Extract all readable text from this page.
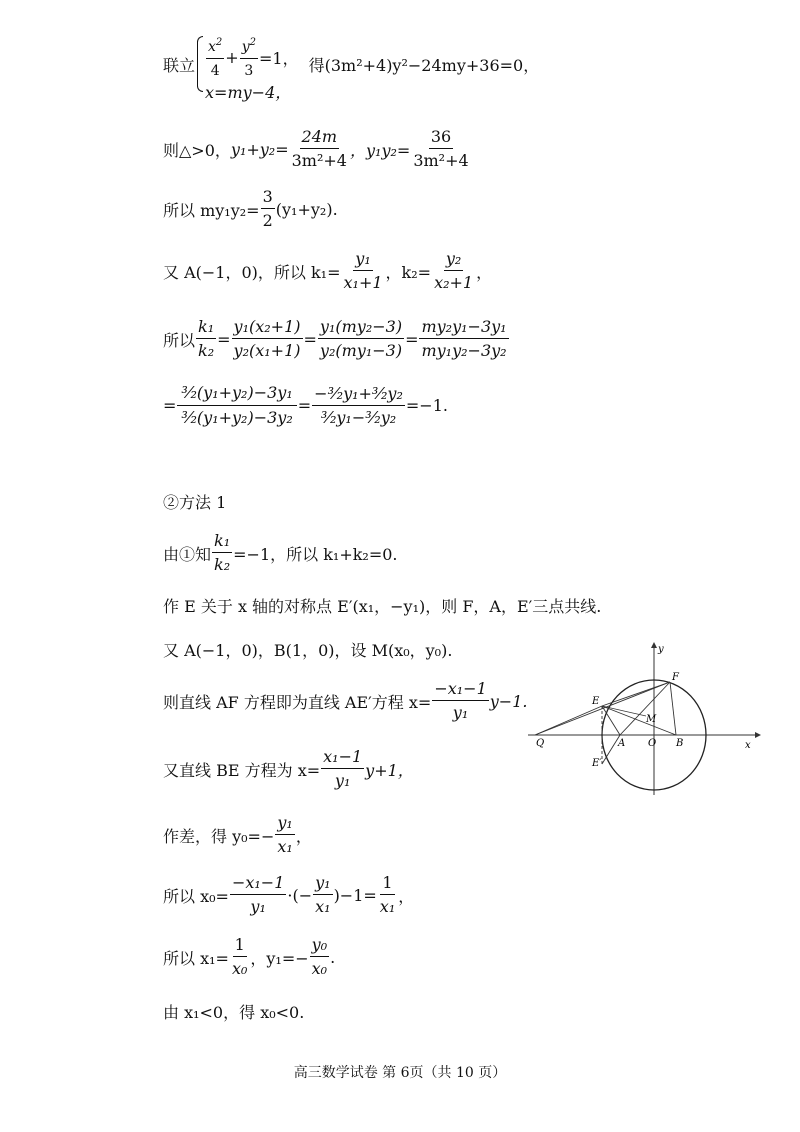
联立 $\frac{x^2}{4} + \frac{y^2}{3} =1$，
x=my−4，
得(3m²+4)y²−24my+36=0，
则△>0， $y_1+y_2= \frac{24m}{\text{3m²+4}}$ ，$y_1y_2= \frac{36}{\text{3m²+4}}$
所以 $my_1y_2= \frac{3}{2} (y_1+y_2)$.
又 A(−1，0)，所以 $k_1= \frac{\text{y₁}}{\text{x₁+1}}$ ，$k_2= \frac{\text{y₂}}{\text{x₂+1}}$ ，
所以 $\frac{\text{k₁}}{\text{k₂}} = \frac{\text{y₁(x₂+1)}}{\text{y₂(x₁+1)}} = \frac{\text{y₁(my₂−3)}}{\text{y₂(my₁−3)}} = \frac{\text{my₂y₁−3y₁}}{\text{my₁y₂−3y₂}}$
= $\frac{\text{³⁄₂(y₁+y₂)−3y₁}}{\text{³⁄₂(y₁+y₂)−3y₂}} = \frac{\text{−³⁄₂y₁+³⁄₂y₂}}{\text{³⁄₂y₁−³⁄₂y₂}} =-1$.
②方法 1
由①知 $\frac{\text{k₁}}{\text{k₂}} =-1$，所以 k₁+k₂=0.
作 E 关于 x 轴的对称点 E′(x₁，−y₁)，则 F，A，E′三点共线.
又 A(−1，0)，B(1，0)，设 M(x₀，y₀).
则直线 AF 方程即为直线 AE′方程 $x= \frac{\text{−x₁−1}}{\text{y₁}} y-1$.
又直线 BE 方程为 $x= \frac{\text{x₁−1}}{\text{y₁}} y+1$，
作差，得 $y_0=- \frac{\text{y₁}}{\text{x₁}}$ ，
所以 $x_0= \frac{\text{−x₁−1}}{\text{y₁}}$ ·(− $\frac{\text{y₁}}{\text{x₁}} )-1= \frac{1}{\text{x₁}}$ ，
所以 $x_1= \frac{1}{\text{x₀}}$ ，$y_1=- \frac{\text{y₀}}{\text{x₀}}$ .
由 x₁<0，得 x₀<0.
y
x
F
E
M
Q	A O B
E′
高三数学试卷 第 6页（共 10 页）
